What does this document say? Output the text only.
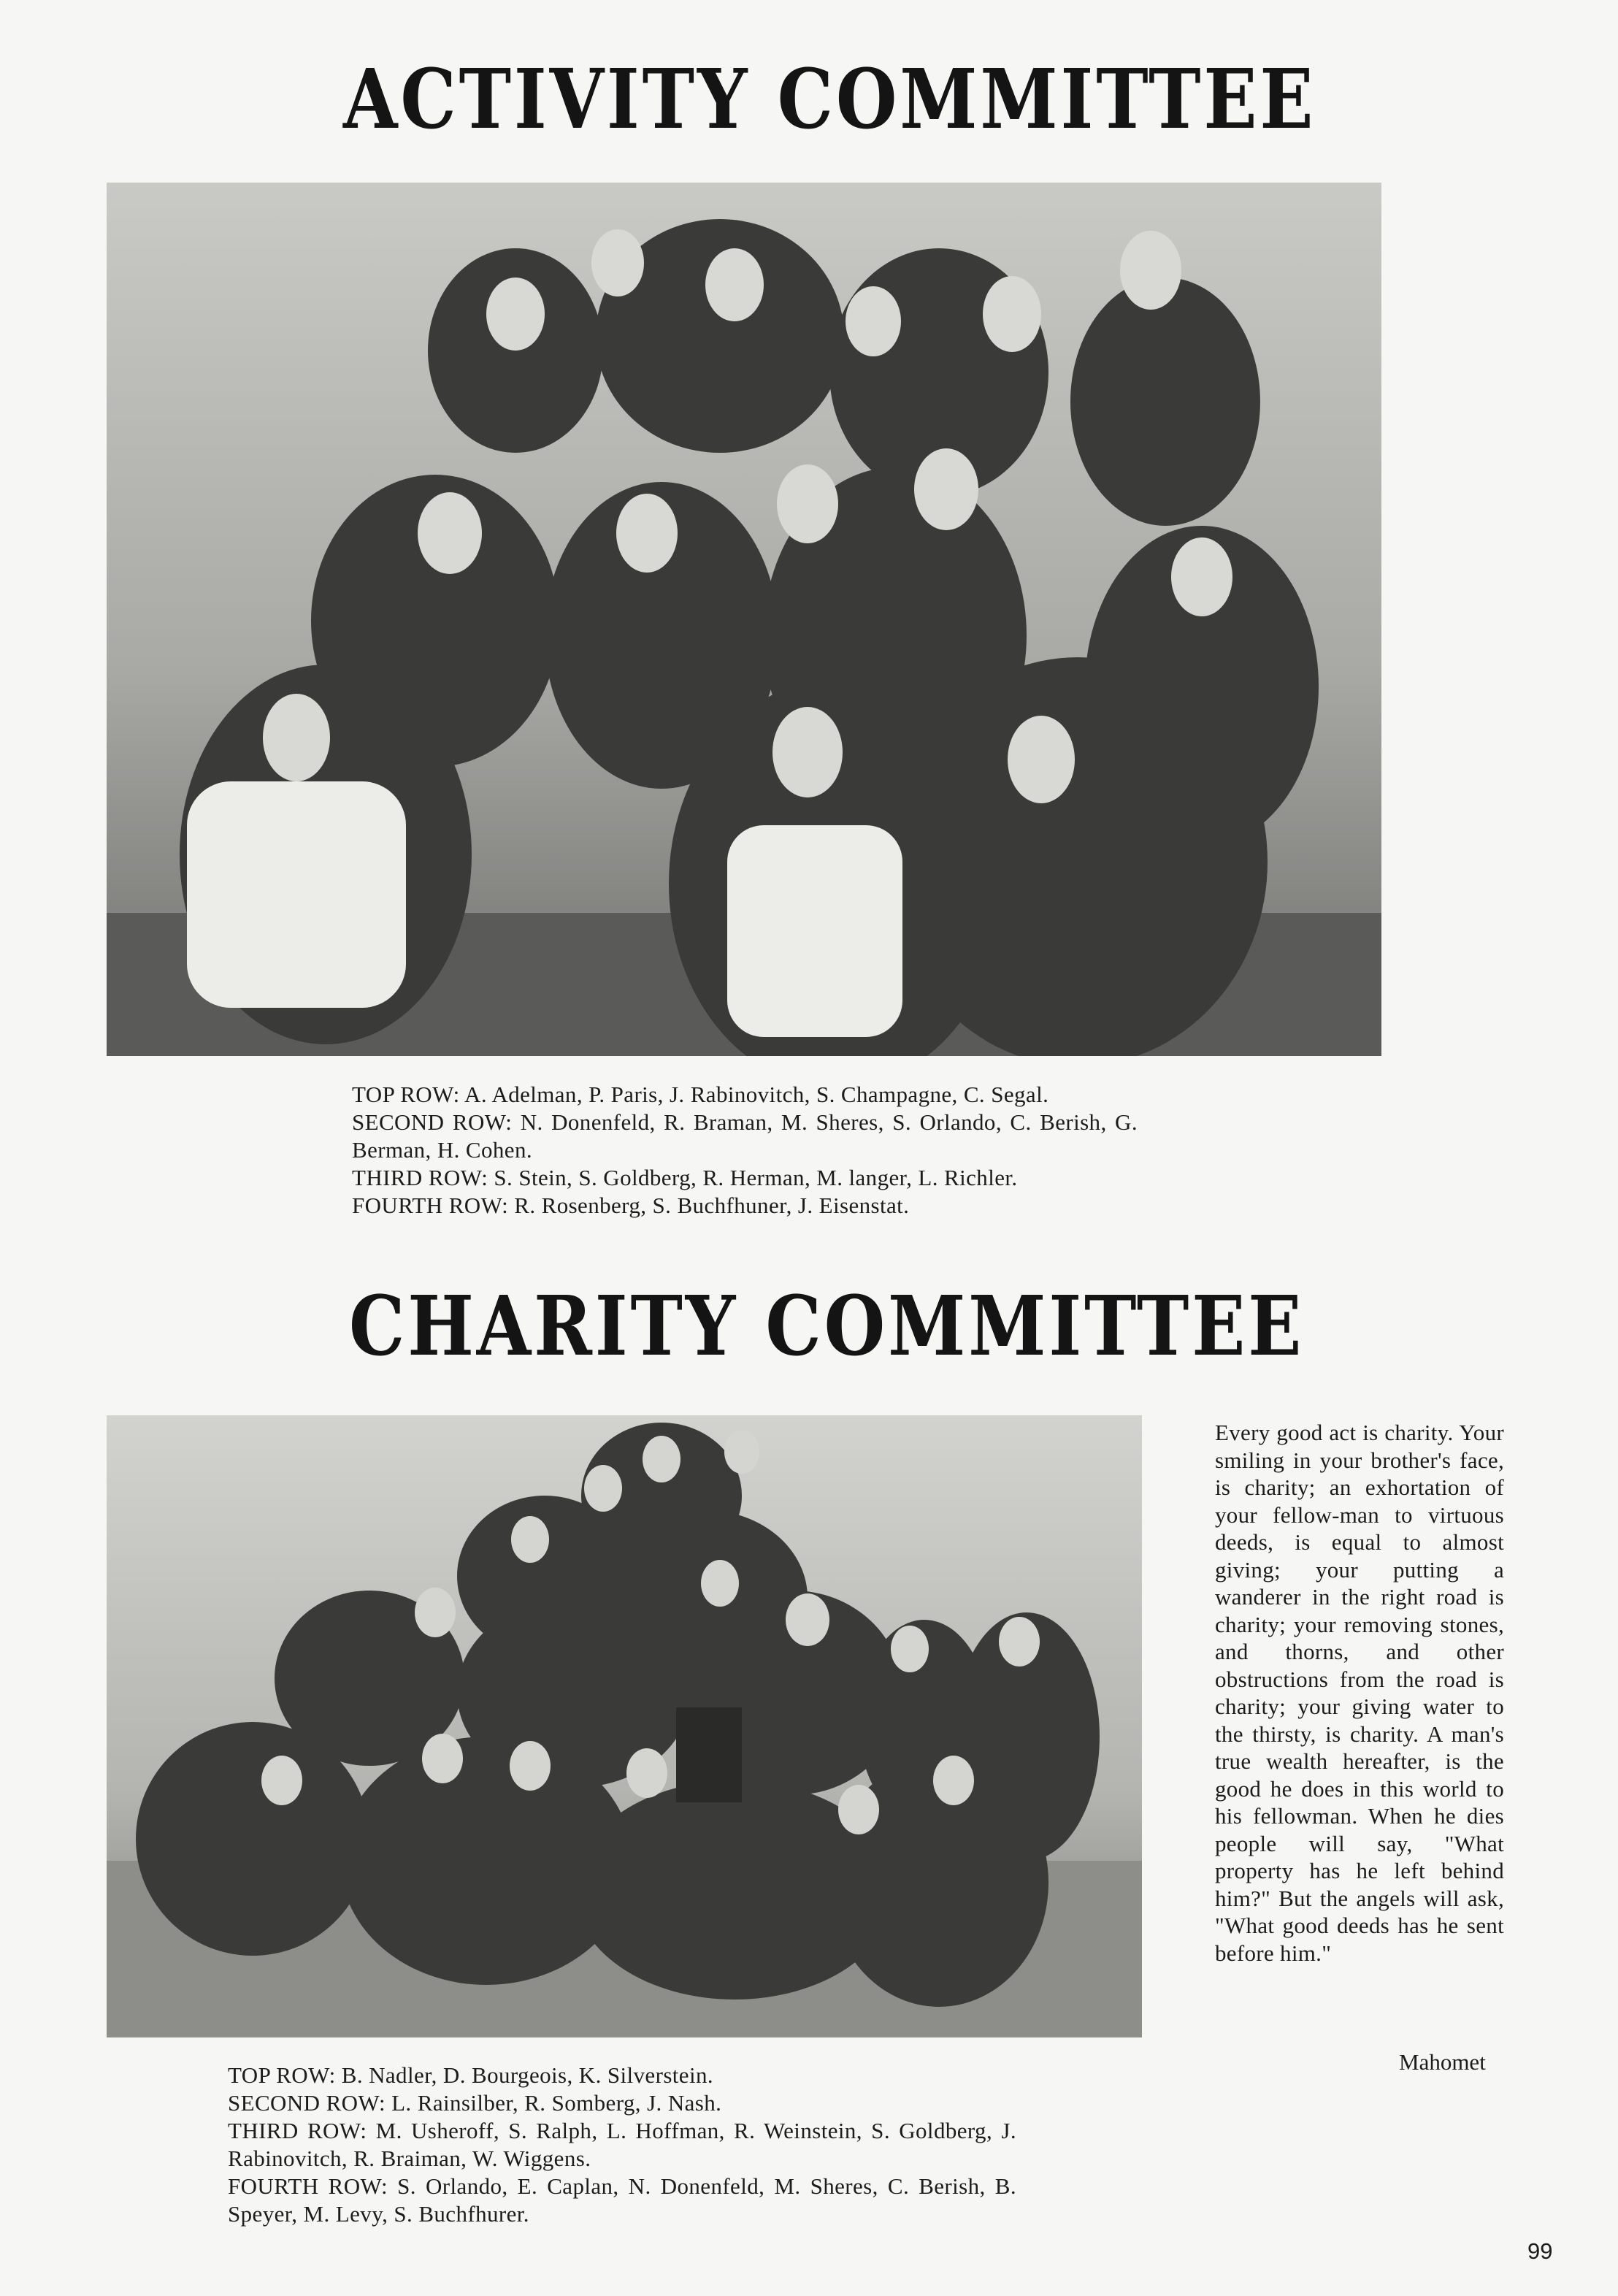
ACTIVITY COMMITTEE
TOP ROW: A. Adelman, P. Paris, J. Rabinovitch, S. Champagne, C. Segal.
SECOND ROW: N. Donenfeld, R. Braman, M. Sheres, S. Orlando, C. Berish, G. Berman, H. Cohen.
THIRD ROW: S. Stein, S. Goldberg, R. Herman, M. langer, L. Richler.
FOURTH ROW: R. Rosenberg, S. Buchfhuner, J. Eisenstat.
CHARITY COMMITTEE
TOP ROW: B. Nadler, D. Bourgeois, K. Silverstein.
SECOND ROW: L. Rainsilber, R. Somberg, J. Nash.
THIRD ROW: M. Usheroff, S. Ralph, L. Hoffman, R. Weinstein, S. Goldberg, J. Rabinovitch, R. Braiman, W. Wiggens.
FOURTH ROW: S. Orlando, E. Caplan, N. Donenfeld, M. Sheres, C. Berish, B. Speyer, M. Levy, S. Buchfhurer.
Every good act is charity. Your smiling in your brother's face, is charity; an exhortation of your fellow-man to virtuous deeds, is equal to almost giving; your putting a wanderer in the right road is charity; your removing stones, and thorns, and other obstructions from the road is charity; your giving water to the thirsty, is charity. A man's true wealth hereafter, is the good he does in this world to his fellowman. When he dies people will say, "What property has he left behind him?" But the angels will ask, "What good deeds has he sent before him."
Mahomet
99
